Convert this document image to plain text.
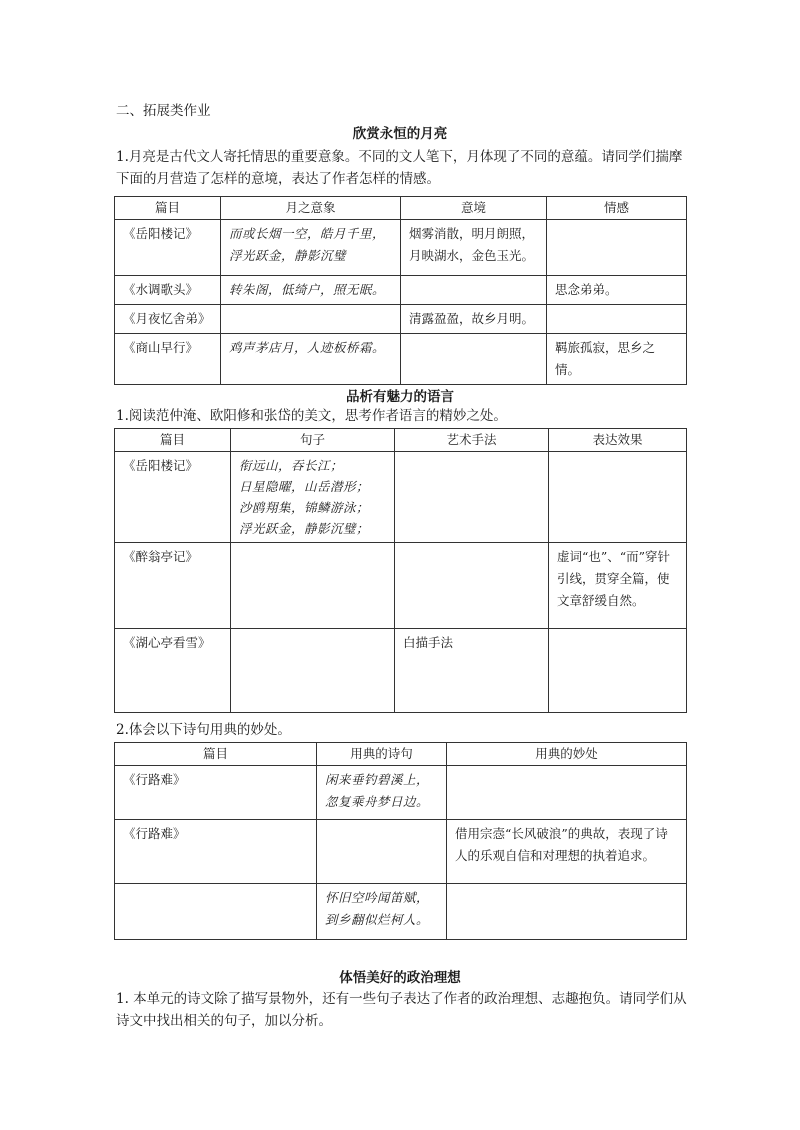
二、拓展类作业
欣赏永恒的月亮
1.月亮是古代文人寄托情思的重要意象。不同的文人笔下，月体现了不同的意蕴。请同学们揣摩下面的月营造了怎样的意境，表达了作者怎样的情感。
篇目	月之意象	意境	情感
《岳阳楼记》	而或长烟一空，皓月千里，浮光跃金，静影沉璧	烟雾消散，明月朗照，月映湖水，金色玉光。	
《水调歌头》	转朱阁，低绮户，照无眠。		思念弟弟。
《月夜忆舍弟》		清露盈盈，故乡月明。	
《商山早行》	鸡声茅店月，人迹板桥霜。		羁旅孤寂，思乡之情。
品析有魅力的语言
1.阅读范仲淹、欧阳修和张岱的美文，思考作者语言的精妙之处。
篇目	句子	艺术手法	表达效果
《岳阳楼记》	衔远山，吞长江；
日星隐曜，山岳潜形；
沙鸥翔集，锦鳞游泳；
浮光跃金，静影沉璧；		
《醉翁亭记》			虚词“也”、“而”穿针引线，贯穿全篇，使文章舒缓自然。
《湖心亭看雪》		白描手法	
2.体会以下诗句用典的妙处。
篇目	用典的诗句	用典的妙处
《行路难》	闲来垂钓碧溪上，
忽复乘舟梦日边。	
《行路难》		借用宗悫“长风破浪”的典故，表现了诗人的乐观自信和对理想的执着追求。
	怀旧空吟闻笛赋，
到乡翻似烂柯人。	
体悟美好的政治理想
1. 本单元的诗文除了描写景物外，还有一些句子表达了作者的政治理想、志趣抱负。请同学们从诗文中找出相关的句子，加以分析。
